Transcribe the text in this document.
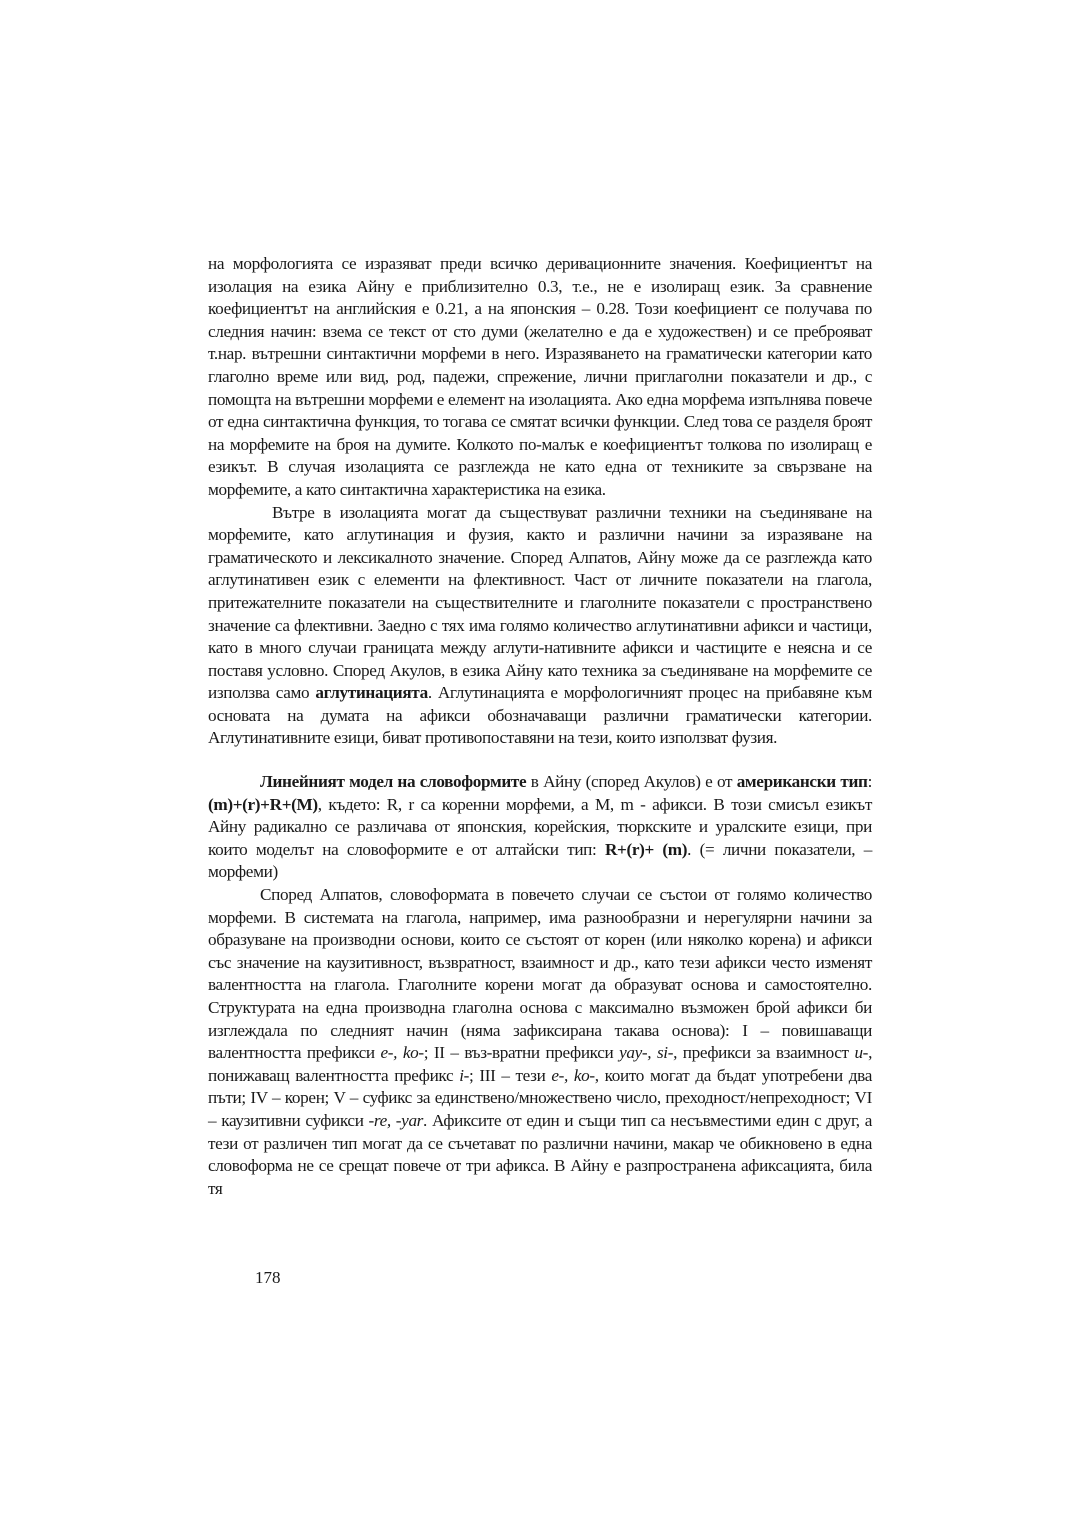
на морфологията се изразяват преди всичко деривационните значения. Коефициентът на изолация на езика Айну е приблизително 0.3, т.е., не е изолиращ език. За сравнение коефициентът на английския е 0.21, а на японския – 0.28. Този коефициент се получава по следния начин: взема се текст от сто думи (желателно е да е художествен) и се преброяват т.нар. вътрешни синтактични морфеми в него. Изразяването на граматически категории като глаголно време или вид, род, падежи, спрежение, лични приглаголни показатели и др., с помощта на вътрешни морфеми е елемент на изолацията. Ако една морфема изпълнява повече от една синтактична функция, то тогава се смятат всички функции. След това се разделя броят на морфемите на броя на думите. Колкото по-малък е коефициентът толкова по изолиращ е езикът. В случая изолацията се разглежда не като една от техниките за свързване на морфемите, а като синтактична характеристика на езика.

Вътре в изолацията могат да съществуват различни техники на съединяване на морфемите, като аглутинация и фузия, както и различни начини за изразяване на граматическото и лексикалното значение. Според Алпатов, Айну може да се разглежда като аглутинативен език с елементи на флективност. Част от личните показатели на глагола, притежателните показатели на съществителните и глаголните показатели с пространствено значение са флективни. Заедно с тях има голямо количество аглутинативни афикси и частици, като в много случаи границата между аглути-нативните афикси и частиците е неясна и се поставя условно. Според Акулов, в езика Айну като техника за съединяване на морфемите се използва само аглутинацията. Аглутинацията е морфологичният процес на прибавяне към основата на думата на афикси обозначаващи различни граматически категории. Аглутинативните езици, биват противопоставяни на тези, които използват фузия.

Линейният модел на словоформите в Айну (според Акулов) е от американски тип: (m)+(r)+R+(M), където: R, r са коренни морфеми, а M, m - афикси. В този смисъл езикът Айну радикално се различава от японския, корейския, тюркските и уралските езици, при които моделът на словоформите е от алтайски тип: R+(r)+ (m). (= лични показатели, – морфеми)

Според Алпатов, словоформата в повечето случаи се състои от голямо количество морфеми. В системата на глагола, например, има разнообразни и нерегулярни начини за образуване на производни основи, които се състоят от корен (или няколко корена) и афикси със значение на каузитивност, възвратност, взаимност и др., като тези афикси често изменят валентността на глагола. Глаголните корени могат да образуват основа и самостоятелно. Структурата на една производна глаголна основа с максимално възможен брой афикси би изглеждала по следният начин (няма зафиксирана такава основа): I – повишаващи валентността префикси e-, ko-; II – въз-вратни префикси yay-, si-, префикси за взаимност u-, понижаващ валентността префикс i-; III – тези e-, ko-, които могат да бъдат употребени два пъти; IV – корен; V – суфикс за единствено/множествено число, преходност/непреходност; VI – каузитивни суфикси -re, -yar. Афиксите от един и същи тип са несъвместими един с друг, а тези от различен тип могат да се съчетават по различни начини, макар че обикновено в една словоформа не се срещат повече от три афикса. В Айну е разпространена афиксацията, била тя

178
